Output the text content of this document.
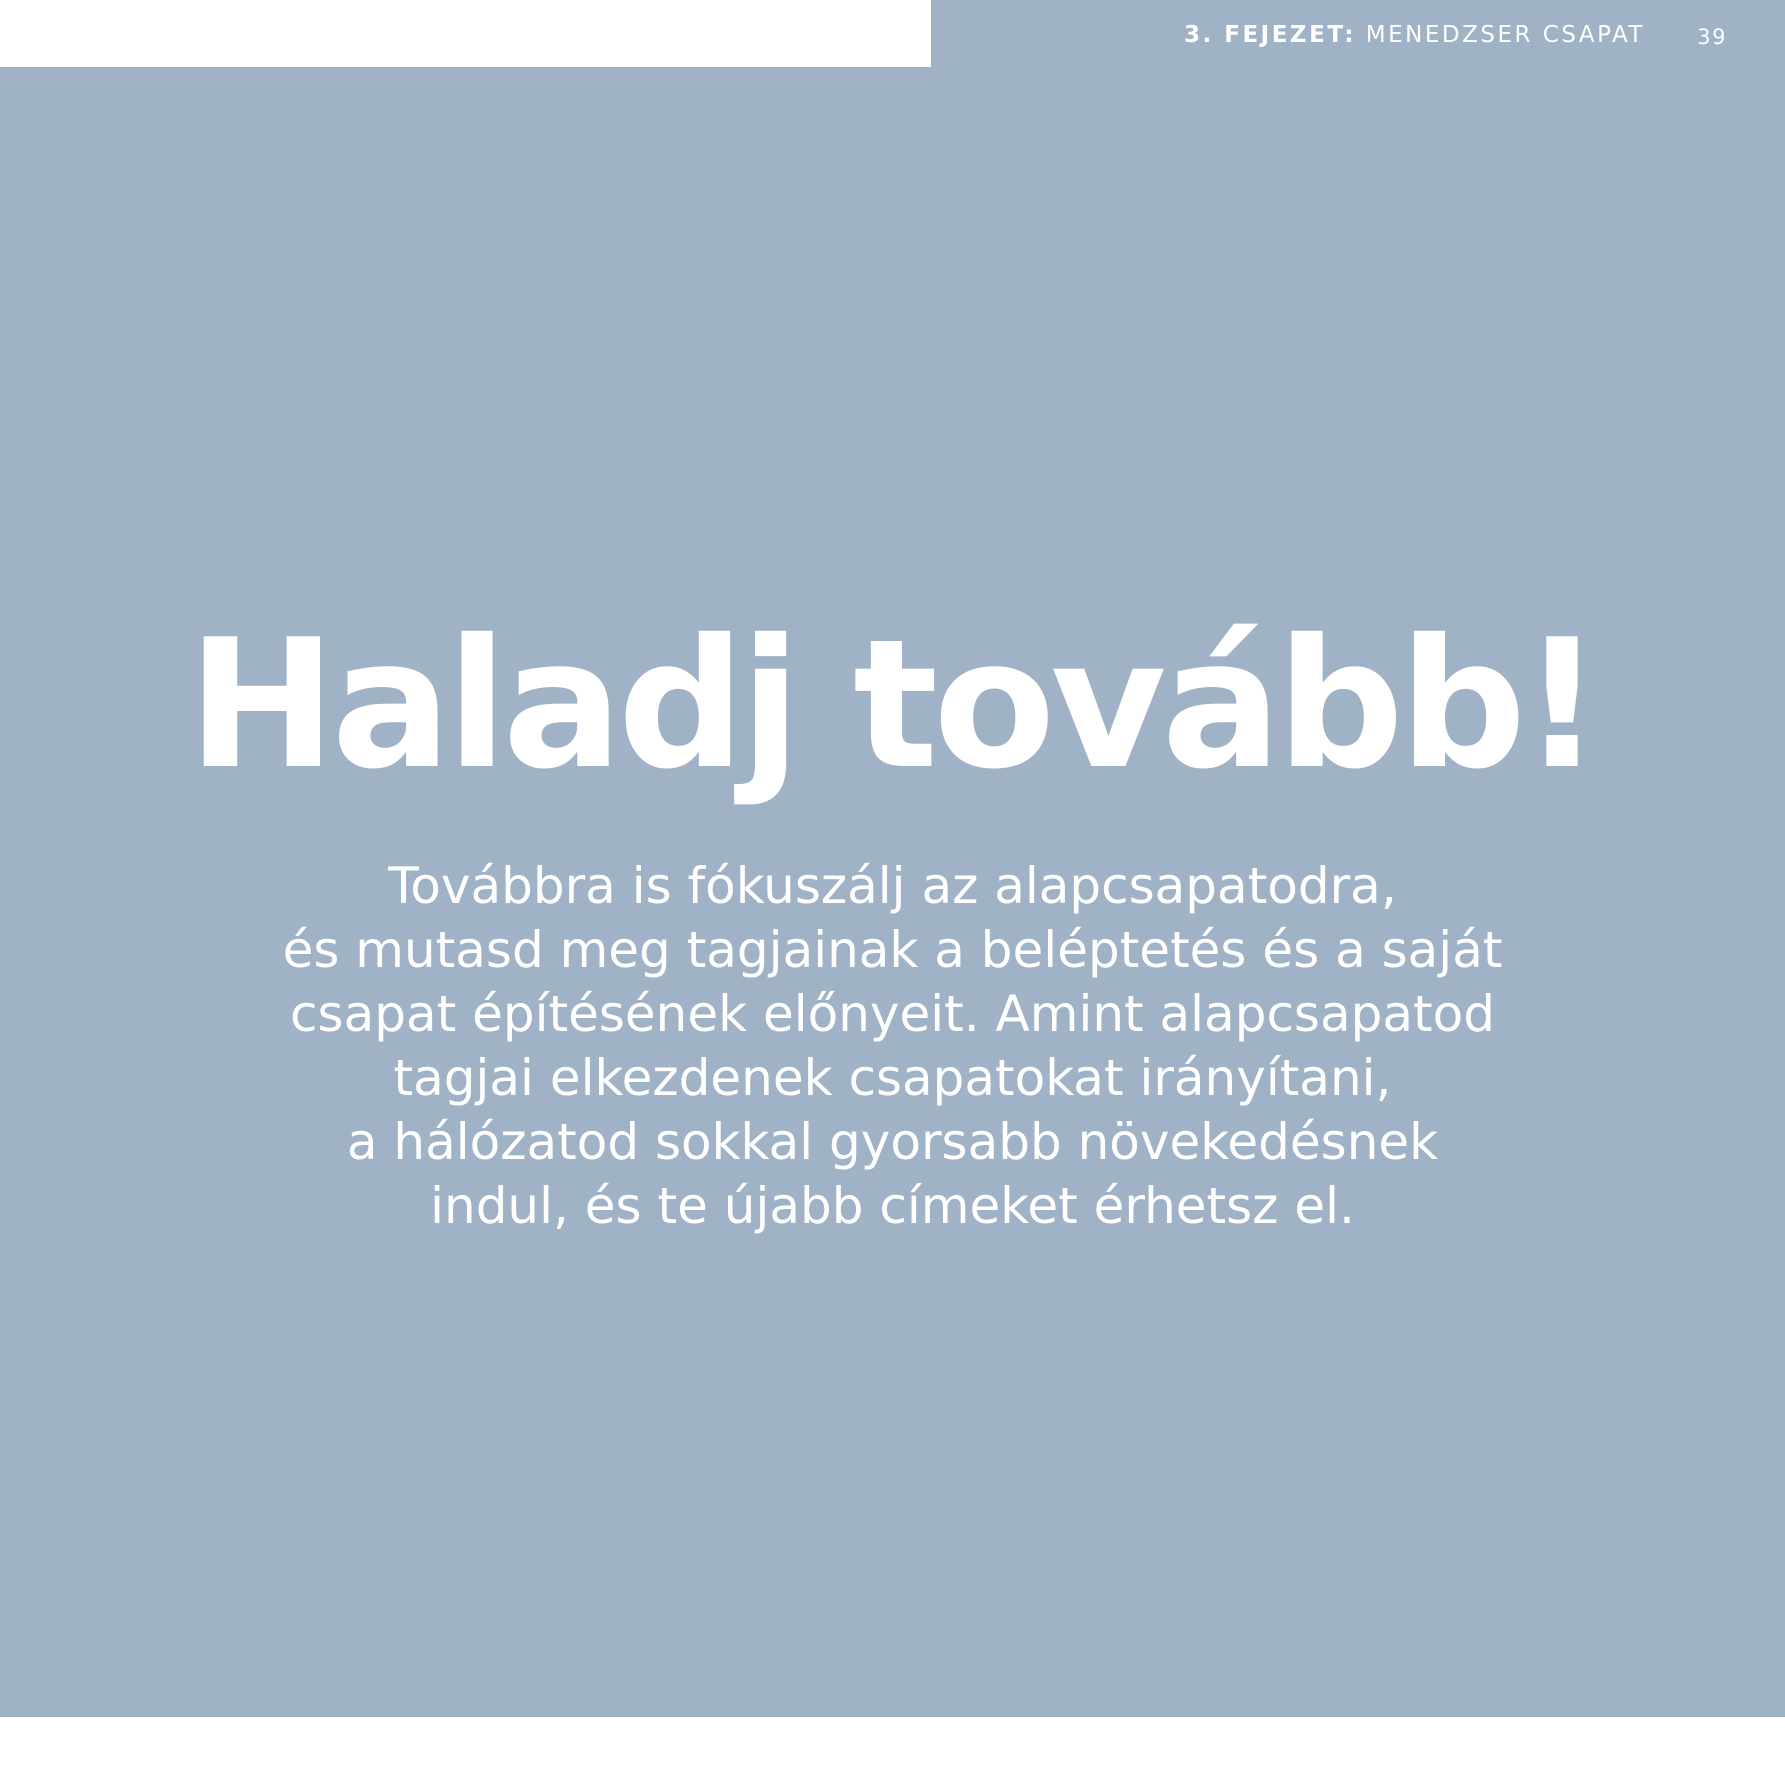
3. FEJEZET: MENEDZSER CSAPAT 39
Haladj tovább!

Továbbra is fókuszálj az alapcsapatodra,
és mutasd meg tagjainak a beléptetés és a saját
csapat építésének előnyeit. Amint alapcsapatod
tagjai elkezdenek csapatokat irányítani,
a hálózatod sokkal gyorsabb növekedésnek
indul, és te újabb címeket érhetsz el.
